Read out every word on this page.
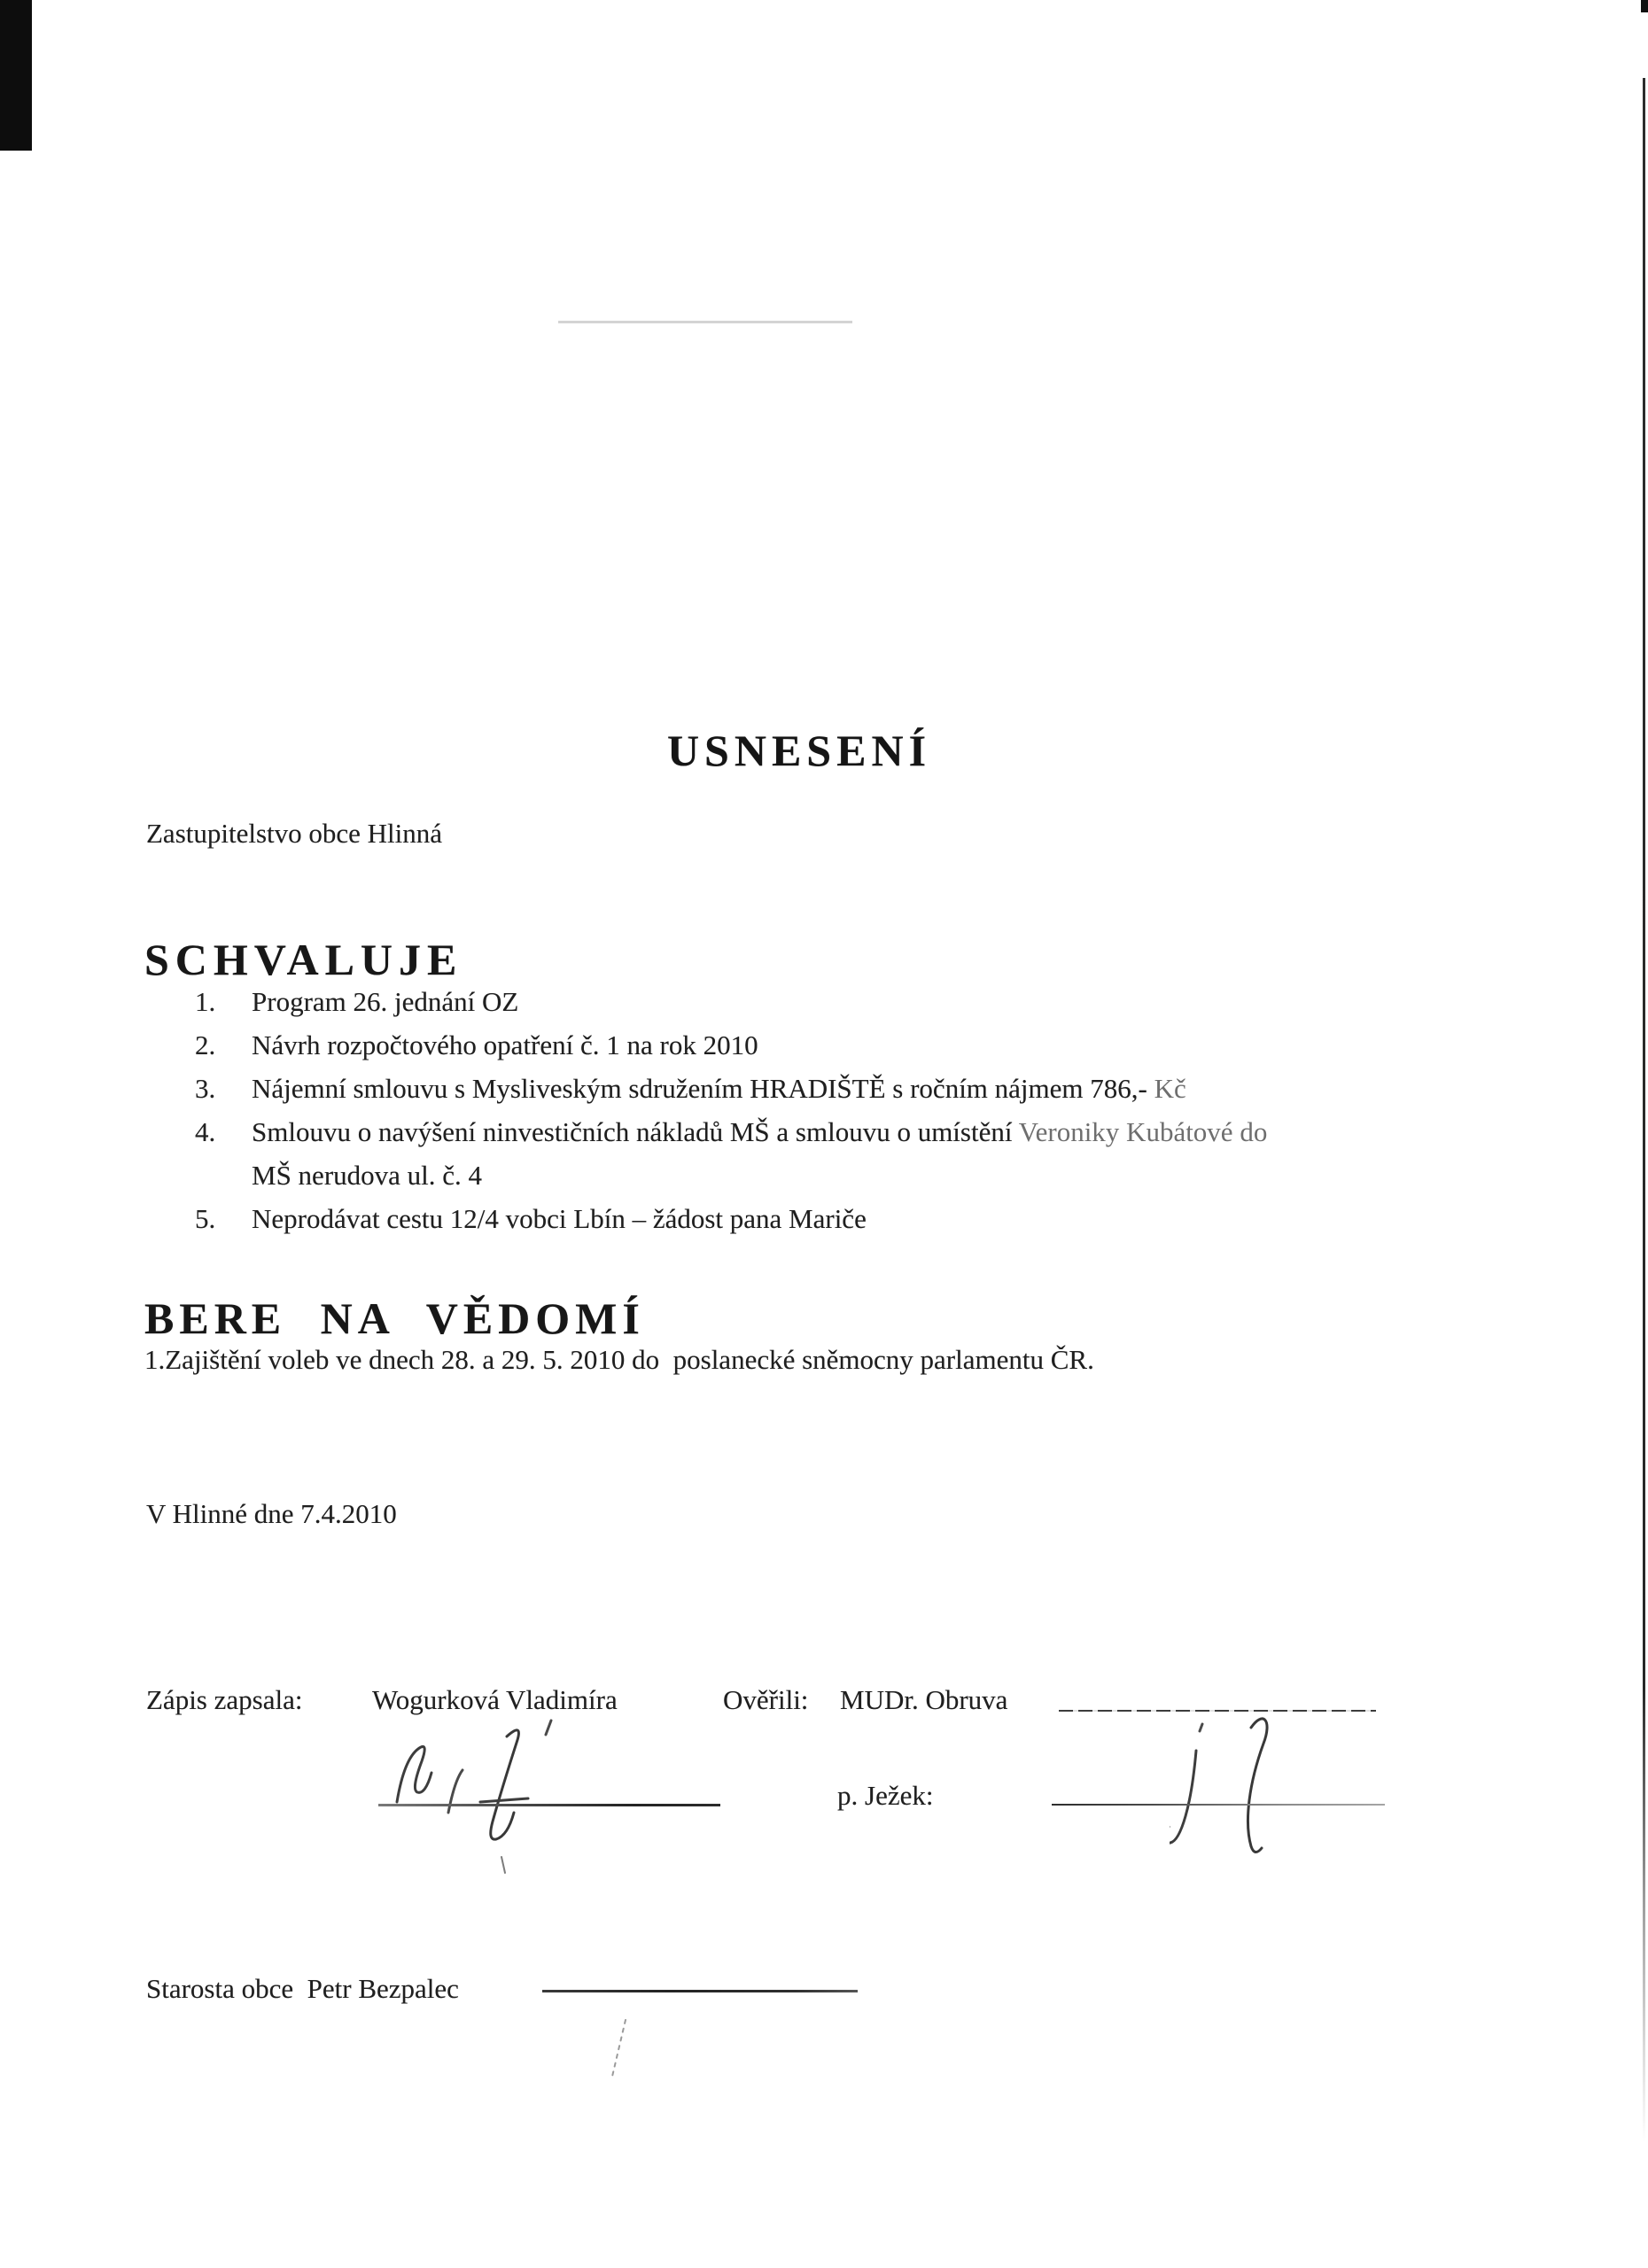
USNESENÍ
Zastupitelstvo obce Hlinná
SCHVALUJE
1.	Program 26. jednání OZ
2.	Návrh rozpočtového opatření č. 1 na rok 2010
3.	Nájemní smlouvu s Mysliveským sdružením HRADIŠTĚ s ročním nájmem 786,- Kč
4.	Smlouvu o navýšení ninvestičních nákladů MŠ a smlouvu o umístění Veroniky Kubátové do
MŠ nerudova ul. č. 4
5.	Neprodávat cestu 12/4 vobci Lbín – žádost pana Mariče
BERE NA VĚDOMÍ
1.Zajištění voleb ve dnech 28. a 29. 5. 2010 do  poslanecké sněmocny parlamentu ČR.
V Hlinné dne 7.4.2010
Zápis zapsala:	Wogurková Vladimíra	Ověřili: MUDr. Obruva
p. Ježek:
Starosta obce  Petr Bezpalec
